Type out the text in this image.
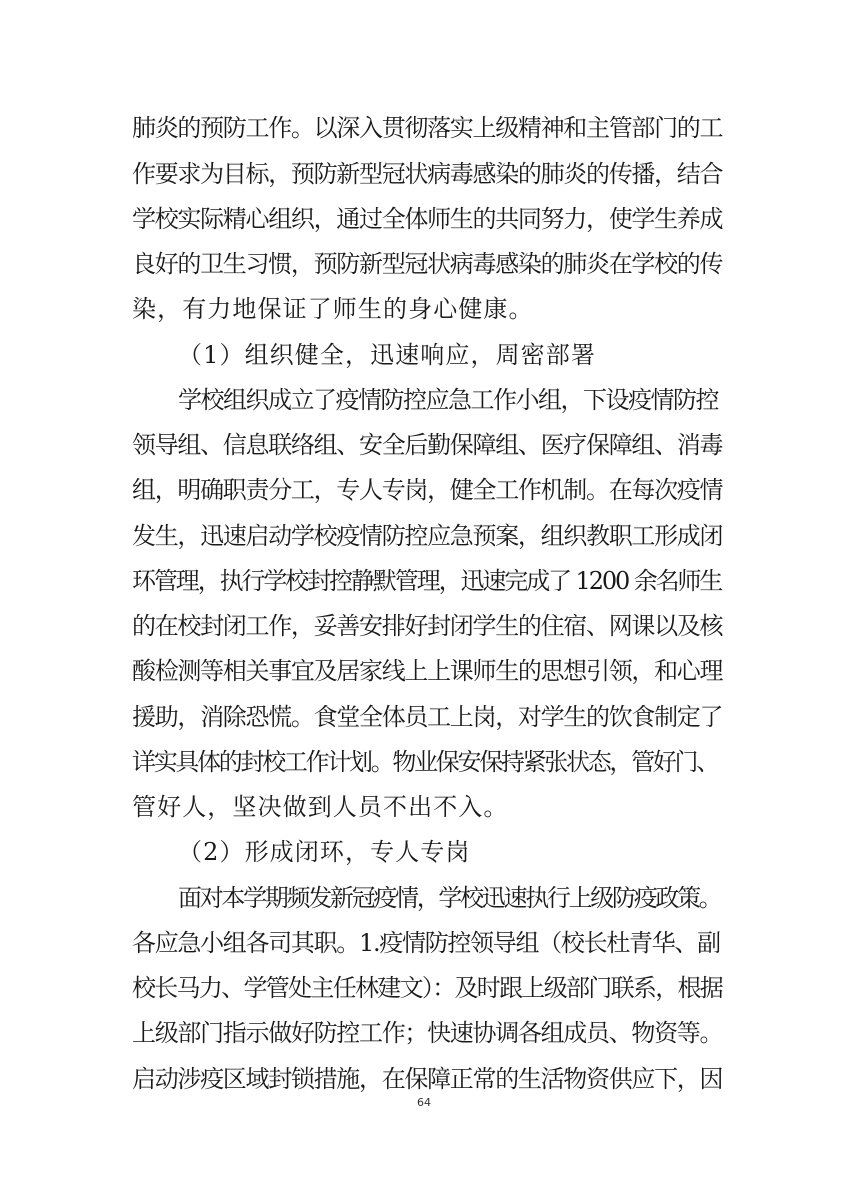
肺炎的预防工作。以深入贯彻落实上级精神和主管部门的工
作要求为目标，预防新型冠状病毒感染的肺炎的传播，结合
学校实际精心组织，通过全体师生的共同努力，使学生养成
良好的卫生习惯，预防新型冠状病毒感染的肺炎在学校的传
染，有力地保证了师生的身心健康。
（1）组织健全，迅速响应，周密部署
学校组织成立了疫情防控应急工作小组，下设疫情防控
领导组、信息联络组、安全后勤保障组、医疗保障组、消毒
组，明确职责分工，专人专岗，健全工作机制。在每次疫情
发生，迅速启动学校疫情防控应急预案，组织教职工形成闭
环管理，执行学校封控静默管理，迅速完成了 1200 余名师生
的在校封闭工作，妥善安排好封闭学生的住宿、网课以及核
酸检测等相关事宜及居家线上上课师生的思想引领，和心理
援助，消除恐慌。食堂全体员工上岗，对学生的饮食制定了
详实具体的封校工作计划。物业保安保持紧张状态，管好门、
管好人，坚决做到人员不出不入。
（2）形成闭环，专人专岗
面对本学期频发新冠疫情，学校迅速执行上级防疫政策。
各应急小组各司其职。1.疫情防控领导组（校长杜青华、副
校长马力、学管处主任林建文）：及时跟上级部门联系，根据
上级部门指示做好防控工作；快速协调各组成员、物资等。
启动涉疫区域封锁措施，在保障正常的生活物资供应下，因
64
